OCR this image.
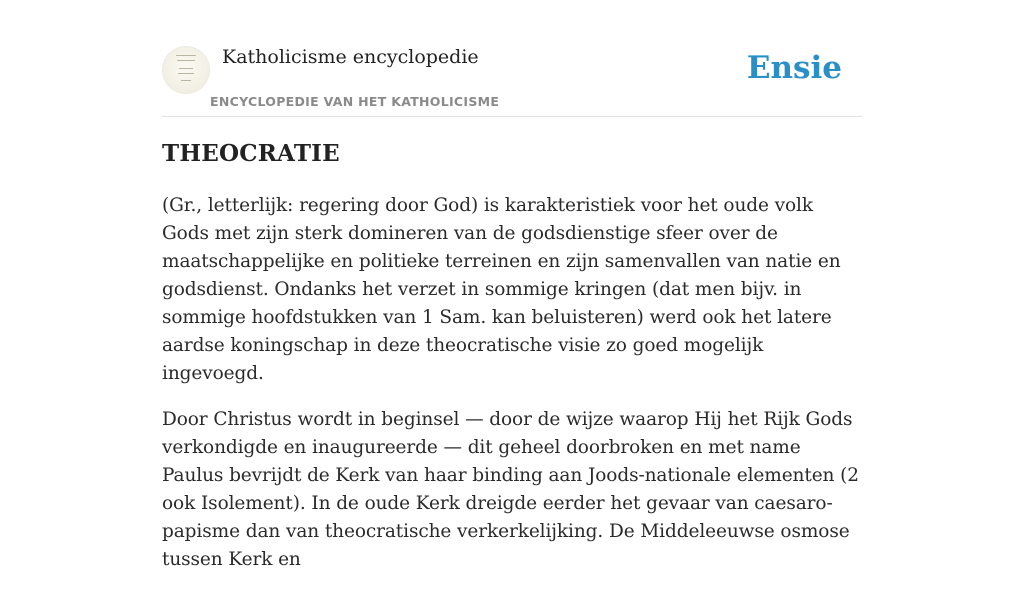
Katholicisme encyclopedie
ENCYCLOPEDIE VAN HET KATHOLICISME
Ensie
THEOCRATIE

(Gr., letterlijk: regering door God) is karakteristiek voor het oude volk Gods met zijn sterk domineren van de godsdienstige sfeer over de maatschappelijke en politieke terreinen en zijn samenvallen van natie en godsdienst. Ondanks het verzet in sommige kringen (dat men bijv. in sommige hoofdstukken van 1 Sam. kan beluisteren) werd ook het latere aardse koningschap in deze theocratische visie zo goed mogelijk ingevoegd.

Door Christus wordt in beginsel — door de wijze waarop Hij het Rijk Gods verkondigde en inaugureerde — dit geheel doorbroken en met name Paulus bevrijdt de Kerk van haar binding aan Joods-nationale elementen (2 ook Isolement). In de oude Kerk dreigde eerder het gevaar van caesaro-papisme dan van theocratische verkerkelijking. De Middeleeuwse osmose tussen Kerk en
